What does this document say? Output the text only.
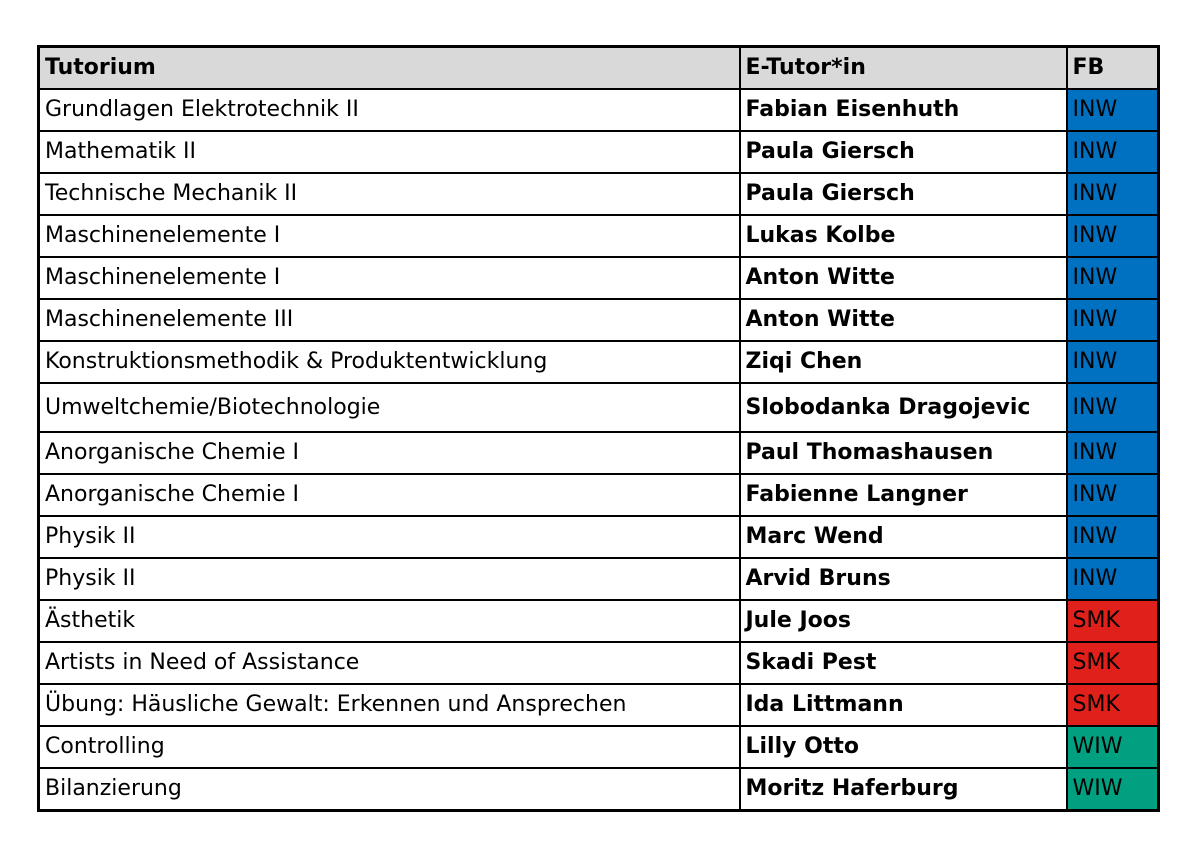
Tutorium	E-Tutor*in	FB
Grundlagen Elektrotechnik II	Fabian Eisenhuth	INW
Mathematik II	Paula Giersch	INW
Technische Mechanik II	Paula Giersch	INW
Maschinenelemente I	Lukas Kolbe	INW
Maschinenelemente I	Anton Witte	INW
Maschinenelemente III	Anton Witte	INW
Konstruktionsmethodik & Produktentwicklung	Ziqi Chen	INW
Umweltchemie/Biotechnologie	Slobodanka Dragojevic	INW
Anorganische Chemie I	Paul Thomashausen	INW
Anorganische Chemie I	Fabienne Langner	INW
Physik II	Marc Wend	INW
Physik II	Arvid Bruns	INW
Ästhetik	Jule Joos	SMK
Artists in Need of Assistance	Skadi Pest	SMK
Übung: Häusliche Gewalt: Erkennen und Ansprechen	Ida Littmann	SMK
Controlling	Lilly Otto	WIW
Bilanzierung	Moritz Haferburg	WIW
